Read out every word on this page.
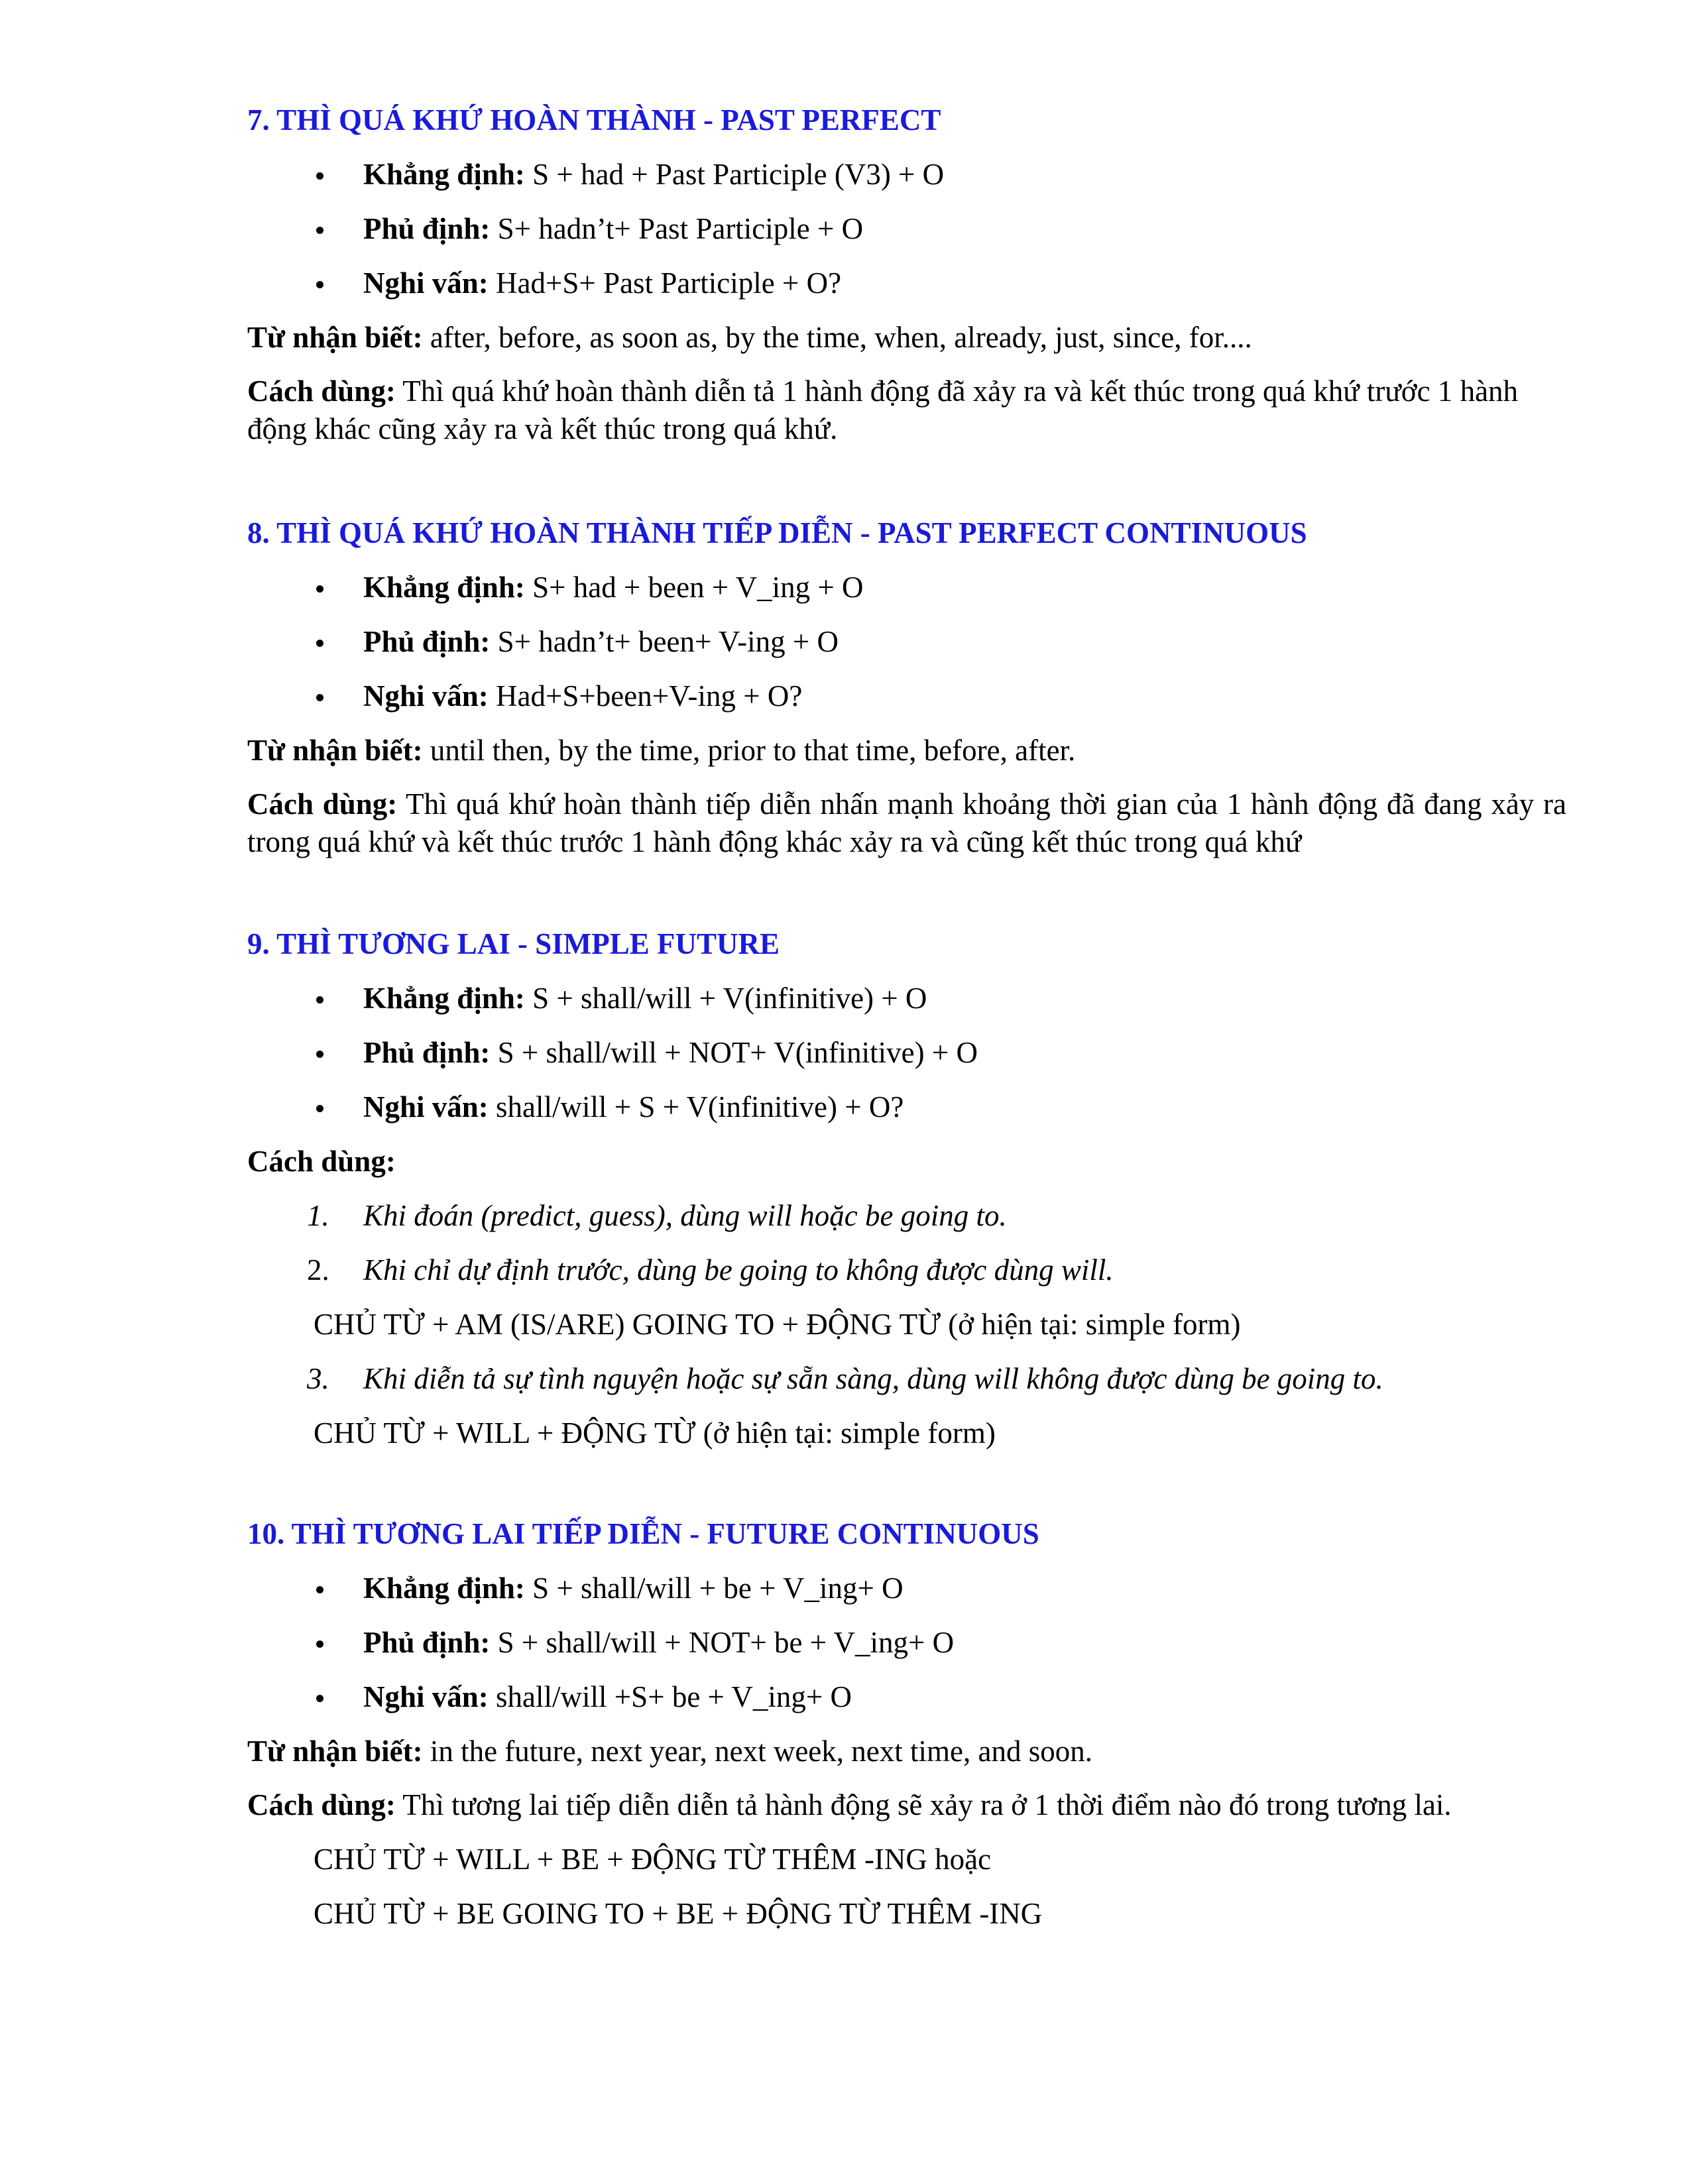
7. THÌ QUÁ KHỨ HOÀN THÀNH - PAST PERFECT
Khẳng định: S + had + Past Participle (V3) + O
Phủ định: S+ hadn’t+ Past Participle + O
Nghi vấn: Had+S+ Past Participle + O?

Từ nhận biết: after, before, as soon as, by the time, when, already, just, since, for....

Cách dùng: Thì quá khứ hoàn thành diễn tả 1 hành động đã xảy ra và kết thúc trong quá khứ trước 1 hành động khác cũng xảy ra và kết thúc trong quá khứ.

8. THÌ QUÁ KHỨ HOÀN THÀNH TIẾP DIỄN - PAST PERFECT CONTINUOUS
Khẳng định: S+ had + been + V_ing + O
Phủ định: S+ hadn’t+ been+ V-ing + O
Nghi vấn: Had+S+been+V-ing + O?

Từ nhận biết: until then, by the time, prior to that time, before, after.

Cách dùng: Thì quá khứ hoàn thành tiếp diễn nhấn mạnh khoảng thời gian của 1 hành động đã đang xảy ra trong quá khứ và kết thúc trước 1 hành động khác xảy ra và cũng kết thúc trong quá khứ

9. THÌ TƯƠNG LAI - SIMPLE FUTURE
Khẳng định: S + shall/will + V(infinitive) + O
Phủ định: S + shall/will + NOT+ V(infinitive) + O
Nghi vấn: shall/will + S + V(infinitive) + O?

Cách dùng:

1. Khi đoán (predict, guess), dùng will hoặc be going to.
2. Khi chỉ dự định trước, dùng be going to không được dùng will.

CHỦ TỪ + AM (IS/ARE) GOING TO + ĐỘNG TỪ (ở hiện tại: simple form)

3. Khi diễn tả sự tình nguyện hoặc sự sẵn sàng, dùng will không được dùng be going to.

CHỦ TỪ + WILL + ĐỘNG TỪ (ở hiện tại: simple form)

10. THÌ TƯƠNG LAI TIẾP DIỄN - FUTURE CONTINUOUS
Khẳng định: S + shall/will + be + V_ing+ O
Phủ định: S + shall/will + NOT+ be + V_ing+ O
Nghi vấn: shall/will +S+ be + V_ing+ O

Từ nhận biết: in the future, next year, next week, next time, and soon.

Cách dùng: Thì tương lai tiếp diễn diễn tả hành động sẽ xảy ra ở 1 thời điểm nào đó trong tương lai.

CHỦ TỪ + WILL + BE + ĐỘNG TỪ THÊM -ING hoặc

CHỦ TỪ + BE GOING TO + BE + ĐỘNG TỪ THÊM -ING
